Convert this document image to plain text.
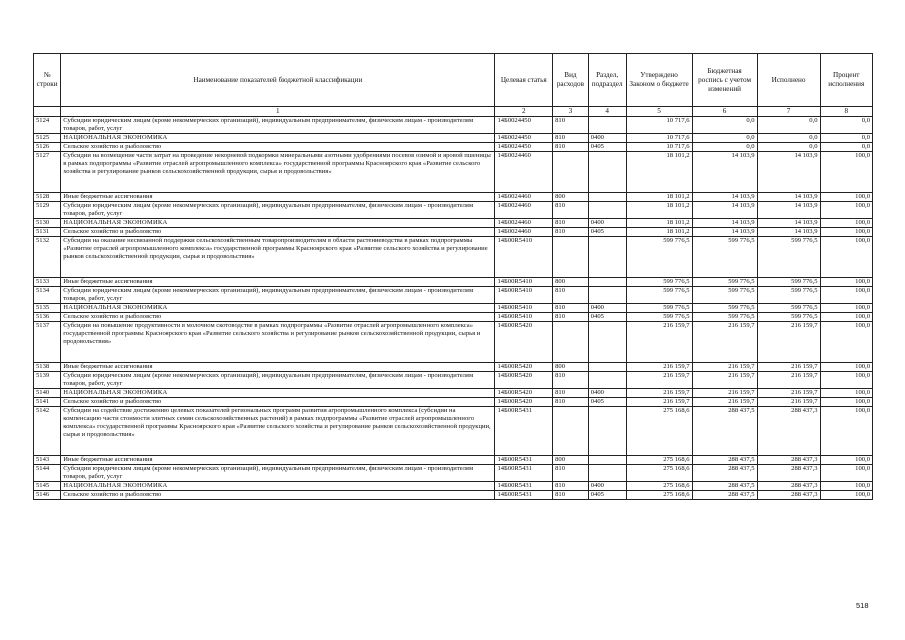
№ строки	Наименование показателей бюджетной классификации	Целевая статья	Вид расходов	Раздел, подраздел	Утверждено Законом о бюджете	Бюджетная роспись с учетом изменений	Исполнено	Процент исполнения
	1	2	3	4	5	6	7	8
5124	Субсидии юридическим лицам (кроме некоммерческих организаций), индивидуальным предпринимателям, физическим лицам - производителям товаров, работ, услуг	14Б0024450	810		10 717,6	0,0	0,0	0,0
5125	НАЦИОНАЛЬНАЯ ЭКОНОМИКА	14Б0024450	810	0400	10 717,6	0,0	0,0	0,0
5126	Сельское хозяйство и рыболовство	14Б0024450	810	0405	10 717,6	0,0	0,0	0,0
5127	Субсидии на возмещение части затрат на проведение некорневой подкормки минеральными азотными удобрениями посевов озимой и яровой пшеницы в рамках подпрограммы «Развитие отраслей агропромышленного комплекса» государственной программы Красноярского края «Развитие сельского хозяйства и регулирование рынков сельскохозяйственной продукции, сырья и продовольствия»	14Б0024460			18 101,2	14 103,9	14 103,9	100,0
5128	Иные бюджетные ассигнования	14Б0024460	800		18 101,2	14 103,9	14 103,9	100,0
5129	Субсидии юридическим лицам (кроме некоммерческих организаций), индивидуальным предпринимателям, физическим лицам - производителям товаров, работ, услуг	14Б0024460	810		18 101,2	14 103,9	14 103,9	100,0
5130	НАЦИОНАЛЬНАЯ ЭКОНОМИКА	14Б0024460	810	0400	18 101,2	14 103,9	14 103,9	100,0
5131	Сельское хозяйство и рыболовство	14Б0024460	810	0405	18 101,2	14 103,9	14 103,9	100,0
5132	Субсидии на оказание несвязанной поддержки сельскохозяйственным товаропроизводителям в области растениеводства в рамках подпрограммы «Развитие отраслей агропромышленного комплекса» государственной программы Красноярского края «Развитие сельского хозяйства и регулирование рынков сельскохозяйственной продукции, сырья и продовольствия»	14Б00R5410			599 776,5	599 776,5	599 776,5	100,0
5133	Иные бюджетные ассигнования	14Б00R5410	800		599 776,5	599 776,5	599 776,5	100,0
5134	Субсидии юридическим лицам (кроме некоммерческих организаций), индивидуальным предпринимателям, физическим лицам - производителям товаров, работ, услуг	14Б00R5410	810		599 776,5	599 776,5	599 776,5	100,0
5135	НАЦИОНАЛЬНАЯ ЭКОНОМИКА	14Б00R5410	810	0400	599 776,5	599 776,5	599 776,5	100,0
5136	Сельское хозяйство и рыболовство	14Б00R5410	810	0405	599 776,5	599 776,5	599 776,5	100,0
5137	Субсидии на повышение продуктивности в молочном скотоводстве в рамках подпрограммы «Развитие отраслей агропромышленного комплекса» государственной программы Красноярского края «Развитие сельского хозяйства и регулирование рынков сельскохозяйственной продукции, сырья и продовольствия»	14Б00R5420			216 159,7	216 159,7	216 159,7	100,0
5138	Иные бюджетные ассигнования	14Б00R5420	800		216 159,7	216 159,7	216 159,7	100,0
5139	Субсидии юридическим лицам (кроме некоммерческих организаций), индивидуальным предпринимателям, физическим лицам - производителям товаров, работ, услуг	14Б00R5420	810		216 159,7	216 159,7	216 159,7	100,0
5140	НАЦИОНАЛЬНАЯ ЭКОНОМИКА	14Б00R5420	810	0400	216 159,7	216 159,7	216 159,7	100,0
5141	Сельское хозяйство и рыболовство	14Б00R5420	810	0405	216 159,7	216 159,7	216 159,7	100,0
5142	Субсидии на содействие достижению целевых показателей региональных программ развития агропромышленного комплекса (субсидии на компенсацию части стоимости элитных семян сельскохозяйственных растений) в рамках подпрограммы «Развитие отраслей агропромышленного комплекса» государственной программы Красноярского края «Развитие сельского хозяйства и регулирование рынков сельскохозяйственной продукции, сырья и продовольствия»	14Б00R5431			275 168,6	288 437,5	288 437,3	100,0
5143	Иные бюджетные ассигнования	14Б00R5431	800		275 168,6	288 437,5	288 437,3	100,0
5144	Субсидии юридическим лицам (кроме некоммерческих организаций), индивидуальным предпринимателям, физическим лицам - производителям товаров, работ, услуг	14Б00R5431	810		275 168,6	288 437,5	288 437,3	100,0
5145	НАЦИОНАЛЬНАЯ ЭКОНОМИКА	14Б00R5431	810	0400	275 168,6	288 437,5	288 437,3	100,0
5146	Сельское хозяйство и рыболовство	14Б00R5431	810	0405	275 168,6	288 437,5	288 437,3	100,0
518
